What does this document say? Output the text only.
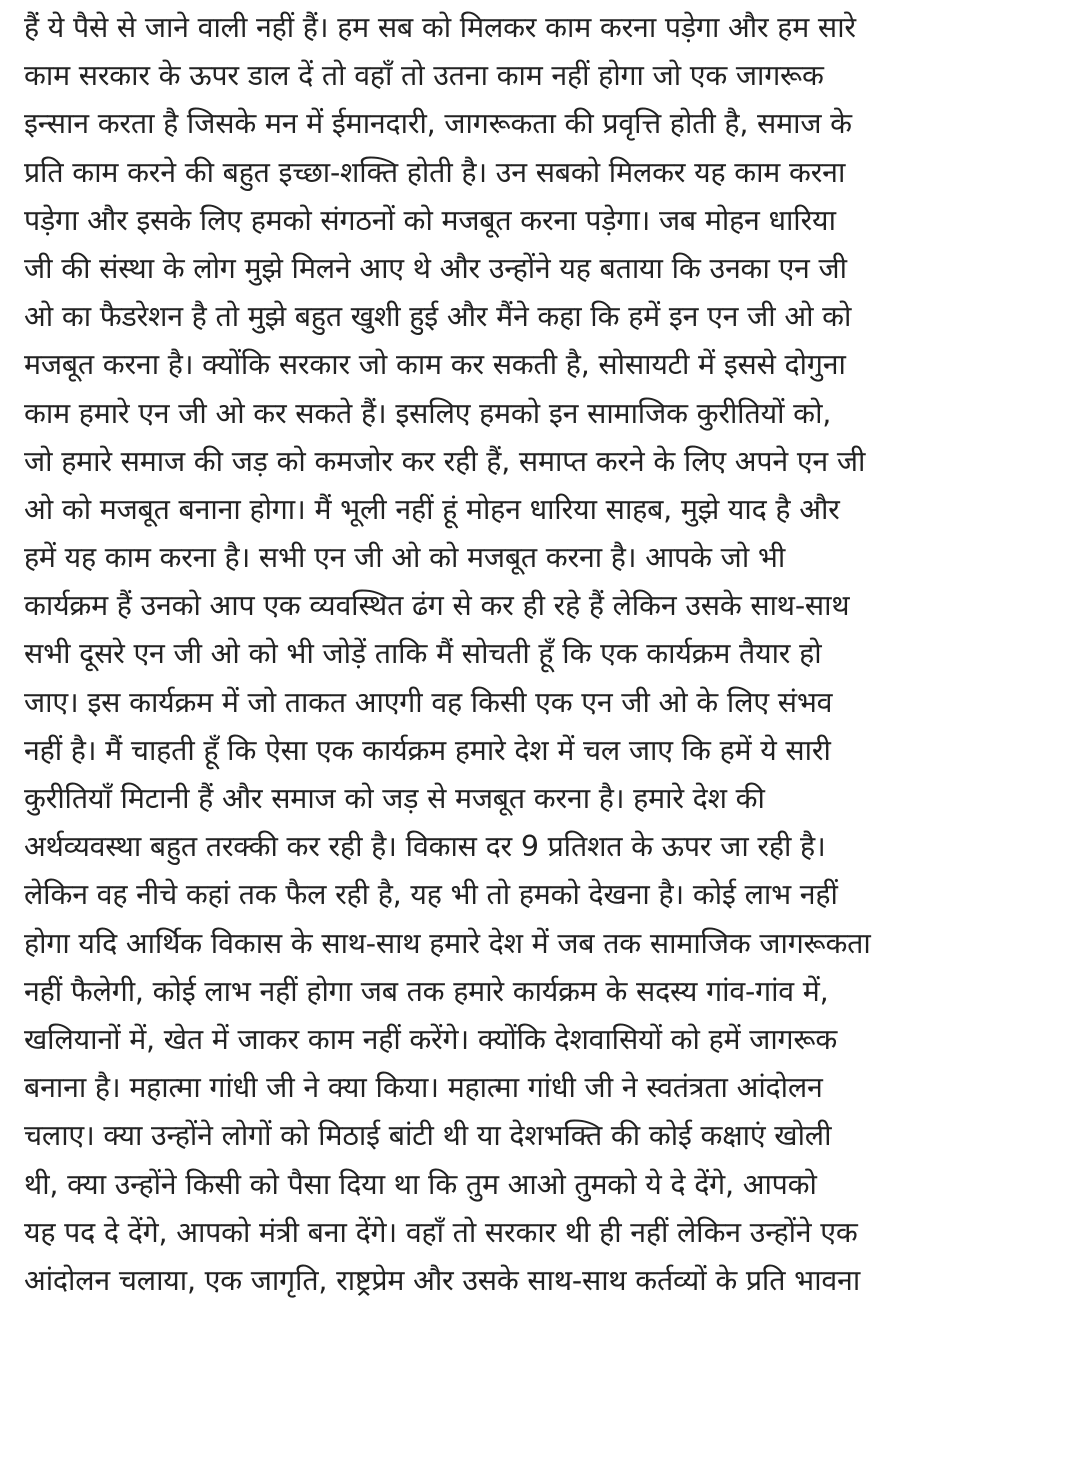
हैं ये पैसे से जाने वाली नहीं हैं। हम सब को मिलकर काम करना पड़ेगा और हम सारे
काम सरकार के ऊपर डाल दें तो वहाँ तो उतना काम नहीं होगा जो एक जागरूक
इन्सान करता है जिसके मन में ईमानदारी, जागरूकता की प्रवृत्ति होती है, समाज के
प्रति काम करने की बहुत इच्छा-शक्ति होती है। उन सबको मिलकर यह काम करना
पड़ेगा और इसके लिए हमको संगठनों को मजबूत करना पड़ेगा। जब मोहन धारिया
जी की संस्था के लोग मुझे मिलने आए थे और उन्होंने यह बताया कि उनका एन जी
ओ का फैडरेशन है तो मुझे बहुत खुशी हुई और मैंने कहा कि हमें इन एन जी ओ को
मजबूत करना है। क्योंकि सरकार जो काम कर सकती है, सोसायटी में इससे दोगुना
काम हमारे एन जी ओ कर सकते हैं। इसलिए हमको इन सामाजिक कुरीतियों को,
जो हमारे समाज की जड़ को कमजोर कर रही हैं, समाप्त करने के लिए अपने एन जी
ओ को मजबूत बनाना होगा। मैं भूली नहीं हूं मोहन धारिया साहब, मुझे याद है और
हमें यह काम करना है। सभी एन जी ओ को मजबूत करना है। आपके जो भी
कार्यक्रम हैं उनको आप एक व्यवस्थित ढंग से कर ही रहे हैं लेकिन उसके साथ-साथ
सभी दूसरे एन जी ओ को भी जोड़ें ताकि मैं सोचती हूँ कि एक कार्यक्रम तैयार हो
जाए। इस कार्यक्रम में जो ताकत आएगी वह किसी एक एन जी ओ के लिए संभव
नहीं है। मैं चाहती हूँ कि ऐसा एक कार्यक्रम हमारे देश में चल जाए कि हमें ये सारी
कुरीतियाँ मिटानी हैं और समाज को जड़ से मजबूत करना है। हमारे देश की
अर्थव्यवस्था बहुत तरक्की कर रही है। विकास दर 9 प्रतिशत के ऊपर जा रही है।
लेकिन वह नीचे कहां तक फैल रही है, यह भी तो हमको देखना है। कोई लाभ नहीं
होगा यदि आर्थिक विकास के साथ-साथ हमारे देश में जब तक सामाजिक जागरूकता
नहीं फैलेगी, कोई लाभ नहीं होगा जब तक हमारे कार्यक्रम के सदस्य गांव-गांव में,
खलियानों में, खेत में जाकर काम नहीं करेंगे। क्योंकि देशवासियों को हमें जागरूक
बनाना है। महात्मा गांधी जी ने क्या किया। महात्मा गांधी जी ने स्वतंत्रता आंदोलन
चलाए। क्या उन्होंने लोगों को मिठाई बांटी थी या देशभक्ति की कोई कक्षाएं खोली
थी, क्या उन्होंने किसी को पैसा दिया था कि तुम आओ तुमको ये दे देंगे, आपको
यह पद दे देंगे, आपको मंत्री बना देंगे। वहाँ तो सरकार थी ही नहीं लेकिन उन्होंने एक
आंदोलन चलाया, एक जागृति, राष्ट्रप्रेम और उसके साथ-साथ कर्तव्यों के प्रति भावना
